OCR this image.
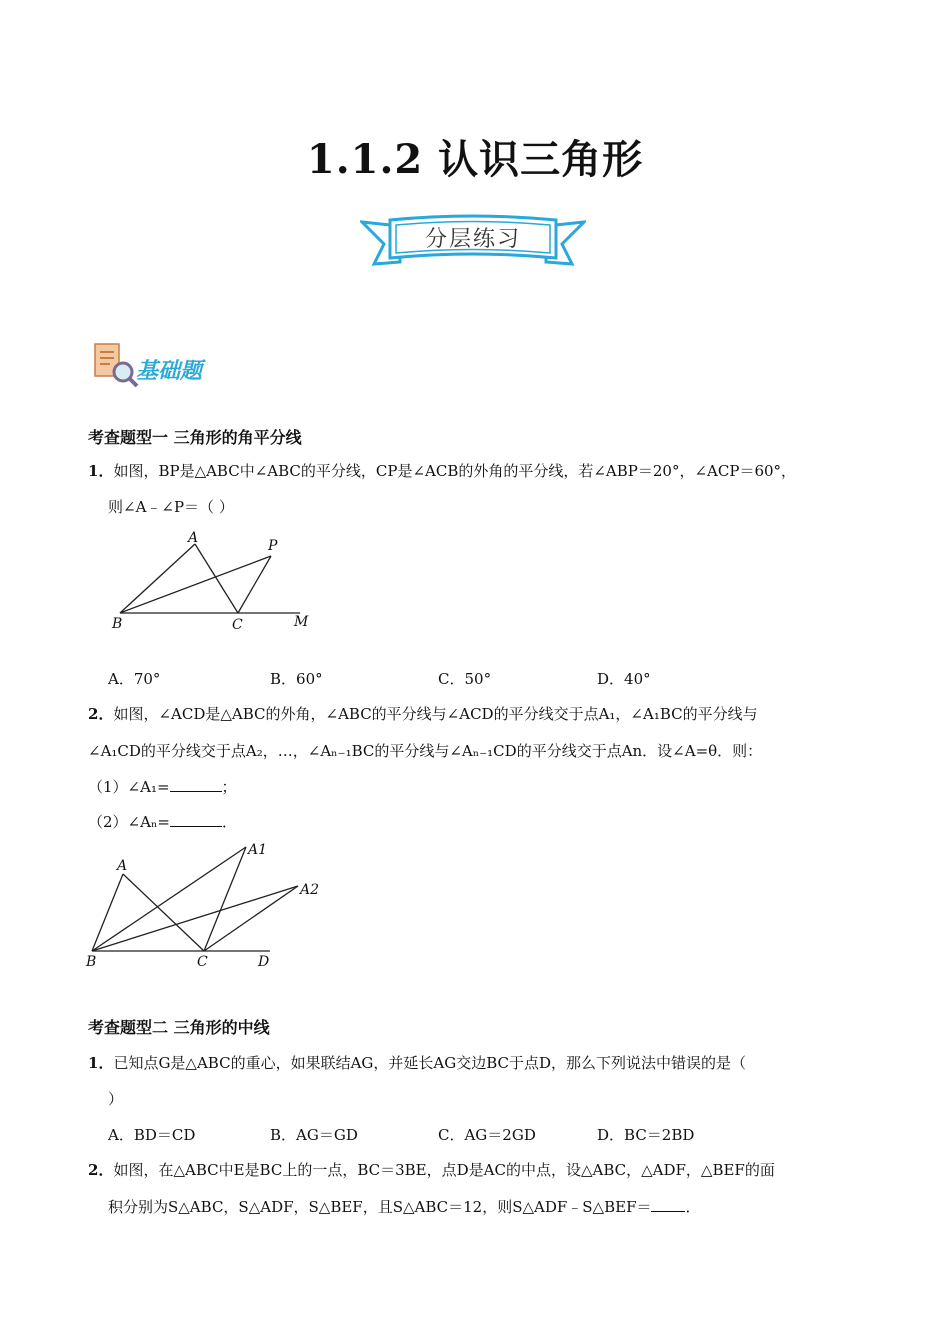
1.1.2 认识三角形
分层练习
基础题
考查题型一 三角形的角平分线
1．如图，BP是△ABC中∠ABC的平分线，CP是∠ACB的外角的平分线，若∠ABP＝20°，∠ACP＝60°，
则∠A﹣∠P＝（ ）
A
B	C
P
M
A．70°	B．60°	C．50°	D．40°
2．如图，∠ACD是△ABC的外角，∠ABC的平分线与∠ACD的平分线交于点A₁，∠A₁BC的平分线与
∠A₁CD的平分线交于点A₂，…，∠Aₙ₋₁BC的平分线与∠Aₙ₋₁CD的平分线交于点An．设∠A=θ．则：
（1）∠A₁=	；
（2）∠Aₙ=	．
A
A1
A2
B	C	D
考查题型二 三角形的中线
1．已知点G是△ABC的重心，如果联结AG，并延长AG交边BC于点D，那么下列说法中错误的是（
）
A．BD＝CD	B．AG＝GD	C．AG＝2GD	D．BC＝2BD
2．如图，在△ABC中E是BC上的一点，BC＝3BE，点D是AC的中点，设△ABC，△ADF，△BEF的面
积分别为S△ABC，S△ADF，S△BEF，且S△ABC＝12，则S△ADF﹣S△BEF＝ ．
